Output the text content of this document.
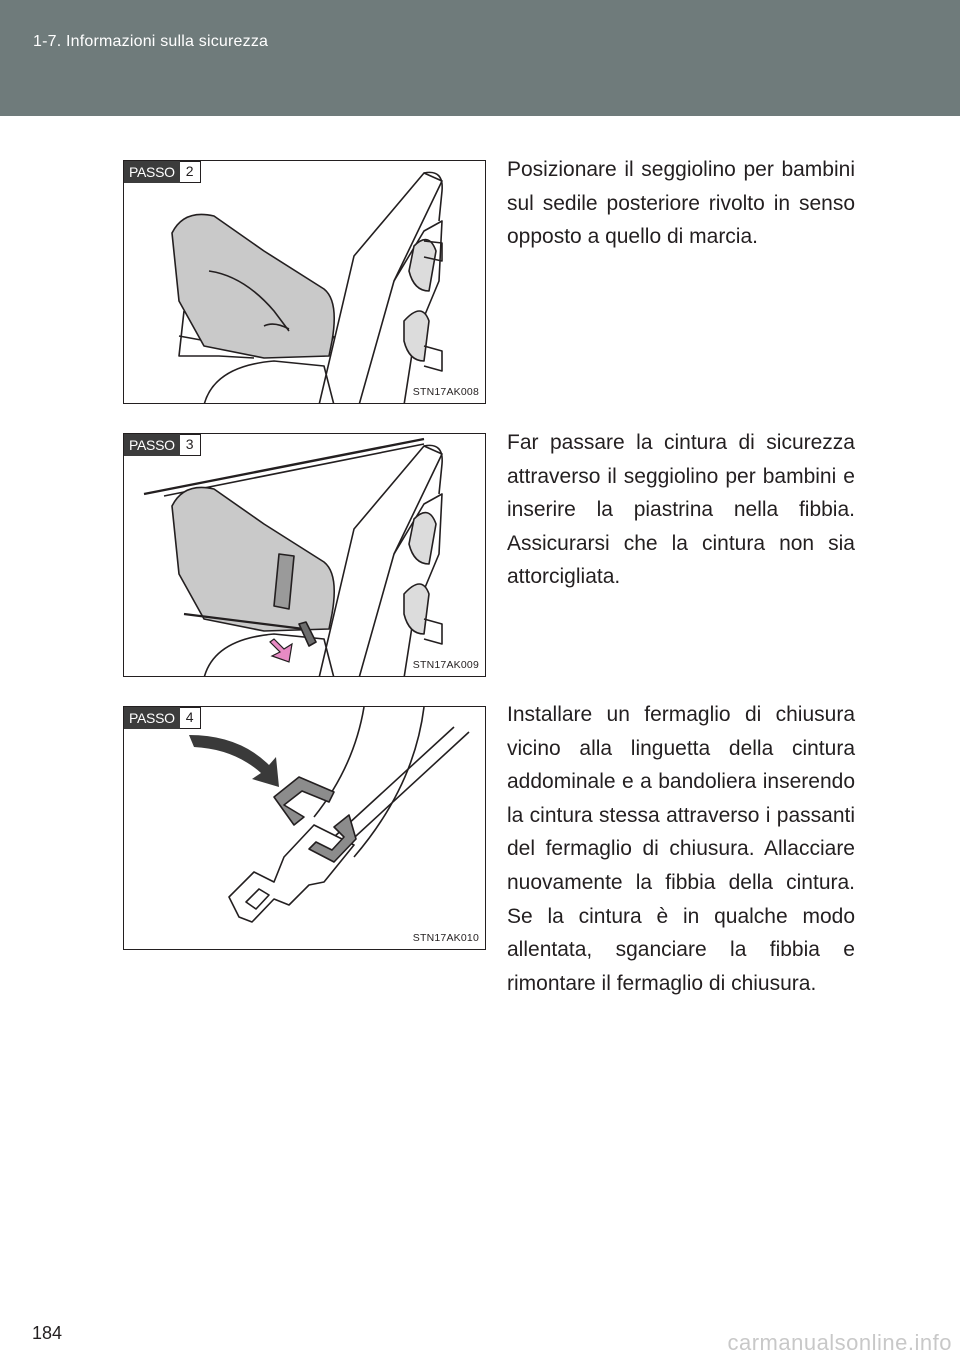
1-7. Informazioni sulla sicurezza
PASSO 2
STN17AK008

Posizionare il seggiolino per bambini sul sedile posteriore rivolto in senso opposto a quello di marcia.

PASSO 3
STN17AK009

Far passare la cintura di sicurezza attraverso il seggiolino per bambini e inserire la piastrina nella fibbia. Assicurarsi che la cintura non sia attorcigliata.

PASSO 4
STN17AK010

Installare un fermaglio di chiusura vicino alla linguetta della cintura addominale e a bandoliera inserendo la cintura stessa attraverso i passanti del fermaglio di chiusura. Allacciare nuovamente la fibbia della cintura. Se la cintura è in qualche modo allentata, sganciare la fibbia e rimontare il fermaglio di chiusura.

184	carmanualsonline.info
